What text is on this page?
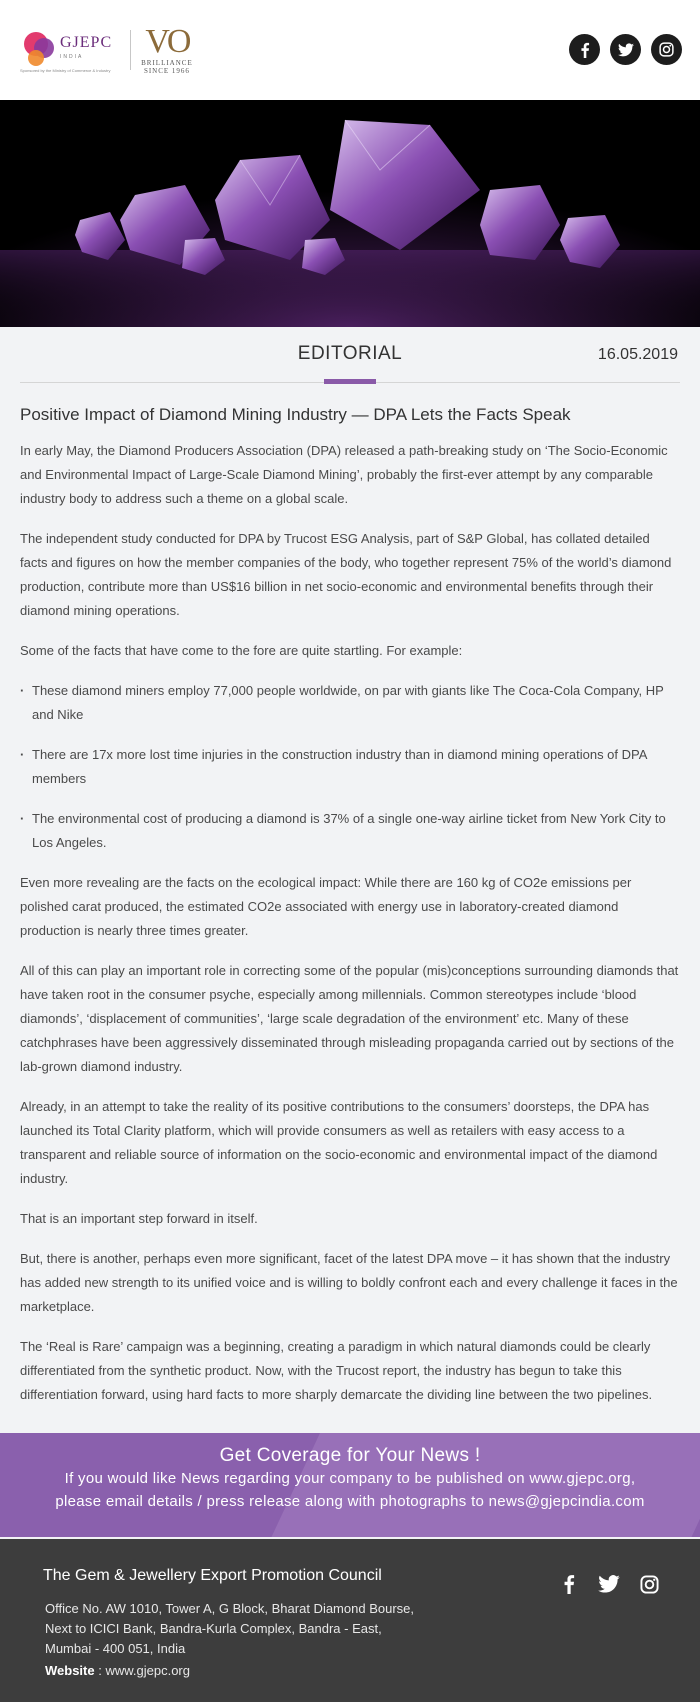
GJEPC
INDIA
Sponsored by the Ministry of Commerce & Industry
VO
BRILLIANCE
SINCE 1966
EDITORIAL	16.05.2019
Positive Impact of Diamond Mining Industry — DPA Lets the Facts Speak

In early May, the Diamond Producers Association (DPA) released a path-breaking study on ‘The Socio-Economic and Environmental Impact of Large-Scale Diamond Mining’, probably the first-ever attempt by any comparable industry body to address such a theme on a global scale.

The independent study conducted for DPA by Trucost ESG Analysis, part of S&P Global, has collated detailed facts and figures on how the member companies of the body, who together represent 75% of the world’s diamond production, contribute more than US$16 billion in net socio-economic and environmental benefits through their diamond mining operations.

Some of the facts that have come to the fore are quite startling. For example:

· These diamond miners employ 77,000 people worldwide, on par with giants like The Coca-Cola Company, HP and Nike
· There are 17x more lost time injuries in the construction industry than in diamond mining operations of DPA members
· The environmental cost of producing a diamond is 37% of a single one-way airline ticket from New York City to Los Angeles.

Even more revealing are the facts on the ecological impact: While there are 160 kg of CO2e emissions per polished carat produced, the estimated CO2e associated with energy use in laboratory-created diamond production is nearly three times greater.

All of this can play an important role in correcting some of the popular (mis)conceptions surrounding diamonds that have taken root in the consumer psyche, especially among millennials. Common stereotypes include ‘blood diamonds’, ‘displacement of communities’, ‘large scale degradation of the environment’ etc. Many of these catchphrases have been aggressively disseminated through misleading propaganda carried out by sections of the lab-grown diamond industry.

Already, in an attempt to take the reality of its positive contributions to the consumers’ doorsteps, the DPA has launched its Total Clarity platform, which will provide consumers as well as retailers with easy access to a transparent and reliable source of information on the socio-economic and environmental impact of the diamond industry.

That is an important step forward in itself.

But, there is another, perhaps even more significant, facet of the latest DPA move – it has shown that the industry has added new strength to its unified voice and is willing to boldly confront each and every challenge it faces in the marketplace.

The ‘Real is Rare’ campaign was a beginning, creating a paradigm in which natural diamonds could be clearly differentiated from the synthetic product. Now, with the Trucost report, the industry has begun to take this differentiation forward, using hard facts to more sharply demarcate the dividing line between the two pipelines.

Get Coverage for Your News !
If you would like News regarding your company to be published on www.gjepc.org,
please email details / press release along with photographs to news@gjepcindia.com
The Gem & Jewellery Export Promotion Council
Office No. AW 1010, Tower A, G Block, Bharat Diamond Bourse,
Next to ICICI Bank, Bandra-Kurla Complex, Bandra - East,
Mumbai - 400 051, India
Website : www.gjepc.org
